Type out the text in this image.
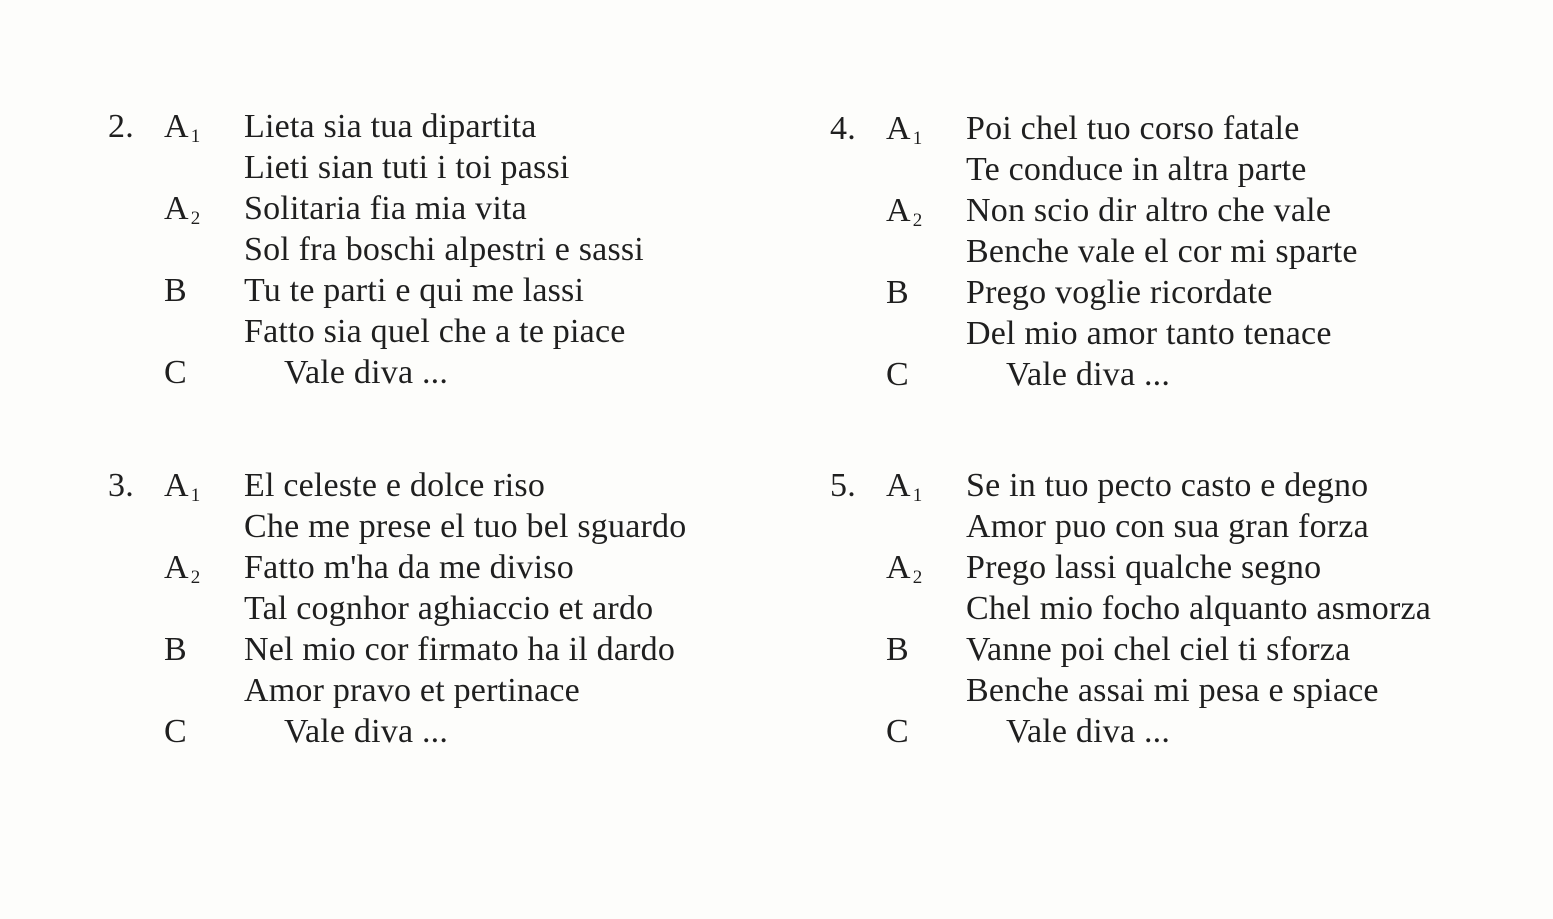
2. A $_1$ Lieta sia tua dipartita
Lieti sian tuti i toi passi
A $_2$ Solitaria fia mia vita
Sol fra boschi alpestri e sassi
B Tu te parti e qui me lassi
Fatto sia quel che a te piace
C	Vale diva ...
3. A $_1$ El celeste e dolce riso
Che me prese el tuo bel sguardo
A $_2$ Fatto m'ha da me diviso
Tal cognhor aghiaccio et ardo
B Nel mio cor firmato ha il dardo
Amor pravo et pertinace
C	Vale diva ...
4. A $_1$ Poi chel tuo corso fatale
Te conduce in altra parte
A $_2$ Non scio dir altro che vale
Benche vale el cor mi sparte
B Prego voglie ricordate
Del mio amor tanto tenace
C	Vale diva ...
5. A $_1$ Se in tuo pecto casto e degno
Amor puo con sua gran forza
A $_2$ Prego lassi qualche segno
Chel mio focho alquanto asmorza
B Vanne poi chel ciel ti sforza
Benche assai mi pesa e spiace
C	Vale diva ...
